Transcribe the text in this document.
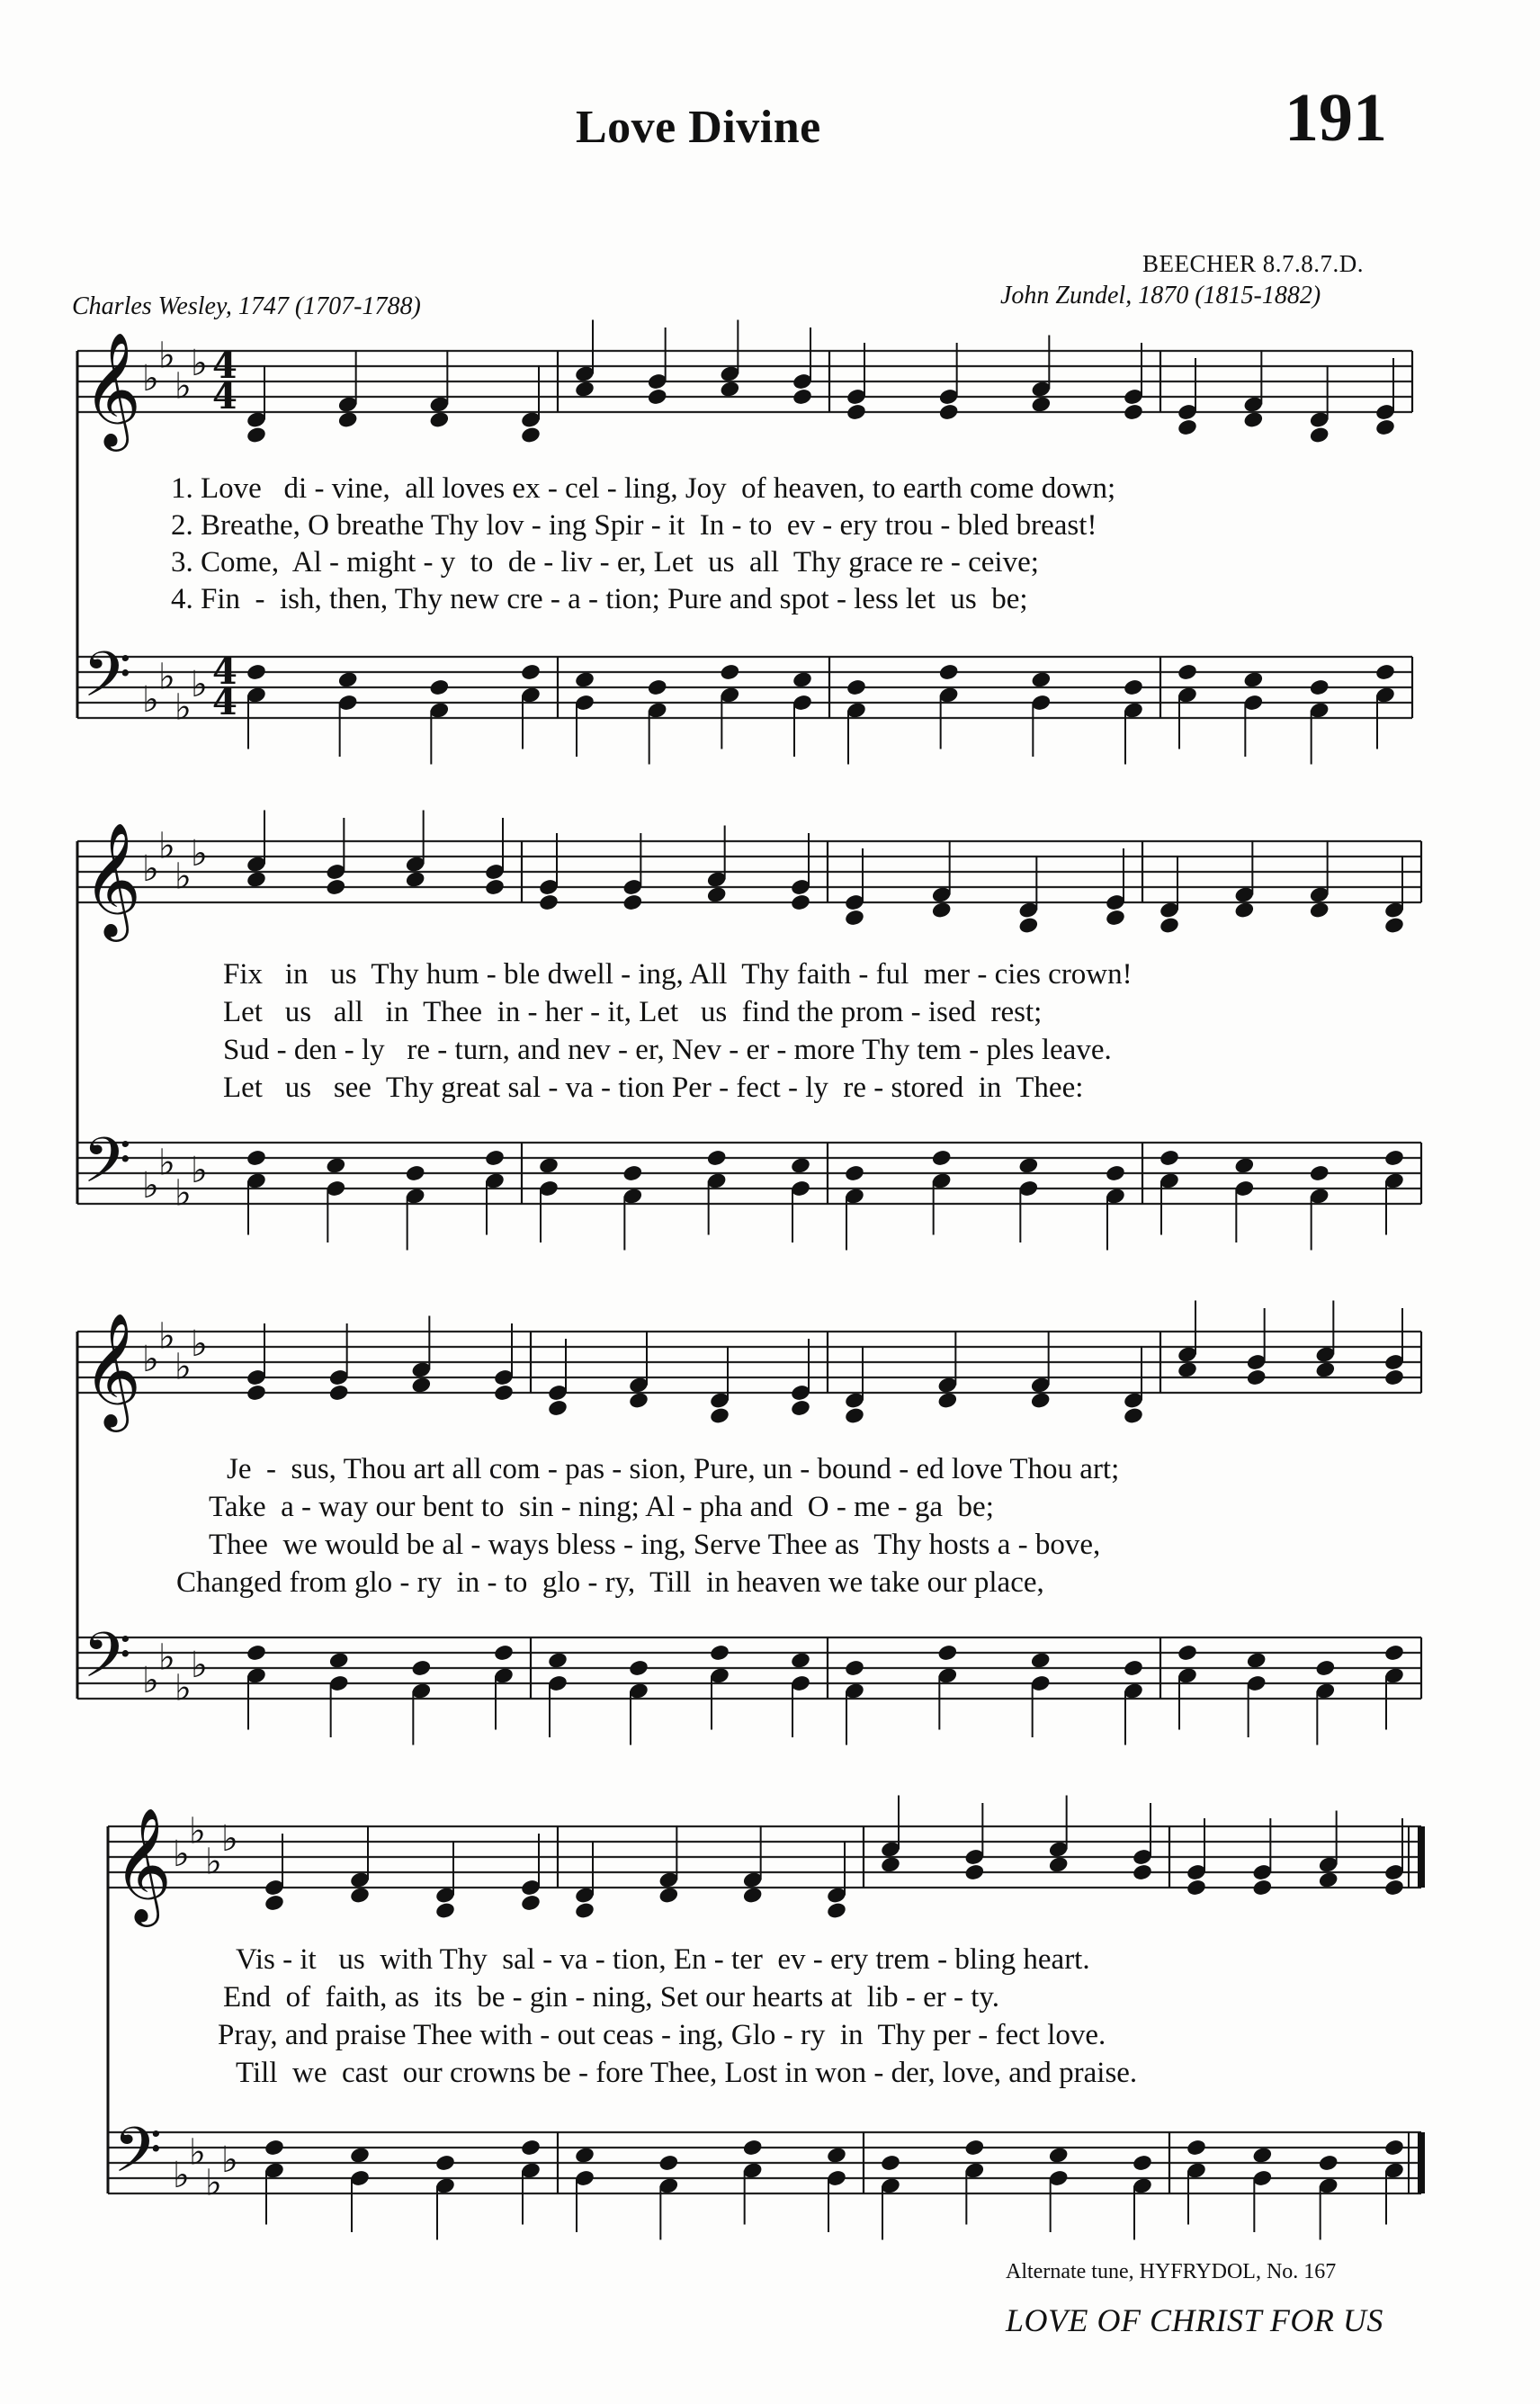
𝄞
𝄢
♭
♭
♭
♭
♭
♭
♭
♭
4
4
4
4
𝄞
𝄢
♭
♭
♭
♭
♭
♭
♭
♭
𝄞
𝄢
♭
♭
♭
♭
♭
♭
♭
♭
𝄞
𝄢
♭
♭
♭
♭
♭
♭
♭
♭
Love Divine	191
BEECHER 8.7.8.7.D.
Charles Wesley, 1747 (1707-1788)	John Zundel, 1870 (1815-1882)
1. Love   di - vine,  all loves ex - cel - ling, Joy  of heaven, to earth come down;
2. Breathe, O breathe Thy lov - ing Spir - it  In - to  ev - ery trou - bled breast!
3. Come,  Al - might - y  to  de - liv - er, Let  us  all  Thy grace re - ceive;
4. Fin  -  ish, then, Thy new cre - a - tion; Pure and spot - less let  us  be;
Fix   in   us  Thy hum - ble dwell - ing, All  Thy faith - ful  mer - cies crown!
Let   us   all   in  Thee  in - her - it, Let   us  find the prom - ised  rest;
Sud - den - ly   re - turn, and nev - er, Nev - er - more Thy tem - ples leave.
Let   us   see  Thy great sal - va - tion Per - fect - ly  re - stored  in  Thee:
Je  -  sus, Thou art all com - pas - sion, Pure, un - bound - ed love Thou art;
Take  a - way our bent to  sin - ning; Al - pha and  O - me - ga  be;
Thee  we would be al - ways bless - ing, Serve Thee as  Thy hosts a - bove,
Changed from glo - ry  in - to  glo - ry,  Till  in heaven we take our place,
Vis - it   us  with Thy  sal - va - tion, En - ter  ev - ery trem - bling heart.
End  of  faith, as  its  be - gin - ning, Set our hearts at  lib - er - ty.
Pray, and praise Thee with - out ceas - ing, Glo - ry  in  Thy per - fect love.
Till  we  cast  our crowns be - fore Thee, Lost in won - der, love, and praise.
Alternate tune, HYFRYDOL, No. 167
LOVE OF CHRIST FOR US
